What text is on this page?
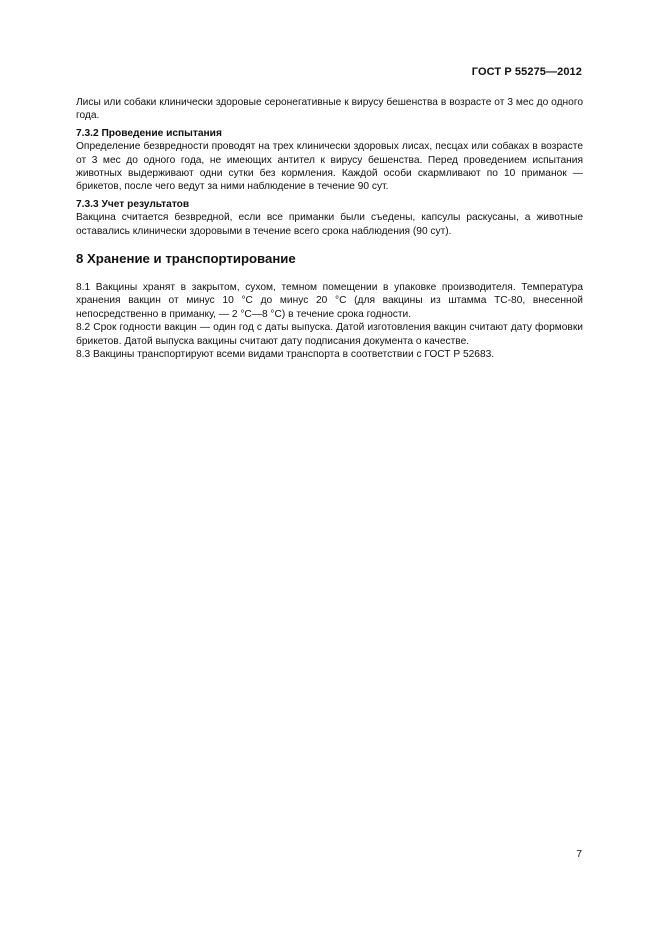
ГОСТ Р 55275—2012

Лисы или собаки клинически здоровые серонегативные к вирусу бешенства в возрасте от 3 мес до одного года.

7.3.2 Проведение испытания

Определение безвредности проводят на трех клинически здоровых лисах, песцах или собаках в возрасте от 3 мес до одного года, не имеющих антител к вирусу бешенства. Перед проведением испытания животных выдерживают одни сутки без кормления. Каждой особи скармливают по 10 приманок — брикетов, после чего ведут за ними наблюдение в течение 90 сут.

7.3.3 Учет результатов

Вакцина считается безвредной, если все приманки были съедены, капсулы раскусаны, а животные оставались клинически здоровыми в течение всего срока наблюдения (90 сут).

8 Хранение и транспортирование

8.1 Вакцины хранят в закрытом, сухом, темном помещении в упаковке производителя. Температура хранения вакцин от минус 10 °С до минус 20 °С (для вакцины из штамма ТС-80, внесенной непосредственно в приманку, — 2 °С—8 °С) в течение срока годности.

8.2 Срок годности вакцин — один год с даты выпуска. Датой изготовления вакцин считают дату формовки брикетов. Датой выпуска вакцины считают дату подписания документа о качестве.

8.3 Вакцины транспортируют всеми видами транспорта в соответствии с ГОСТ Р 52683.

7
